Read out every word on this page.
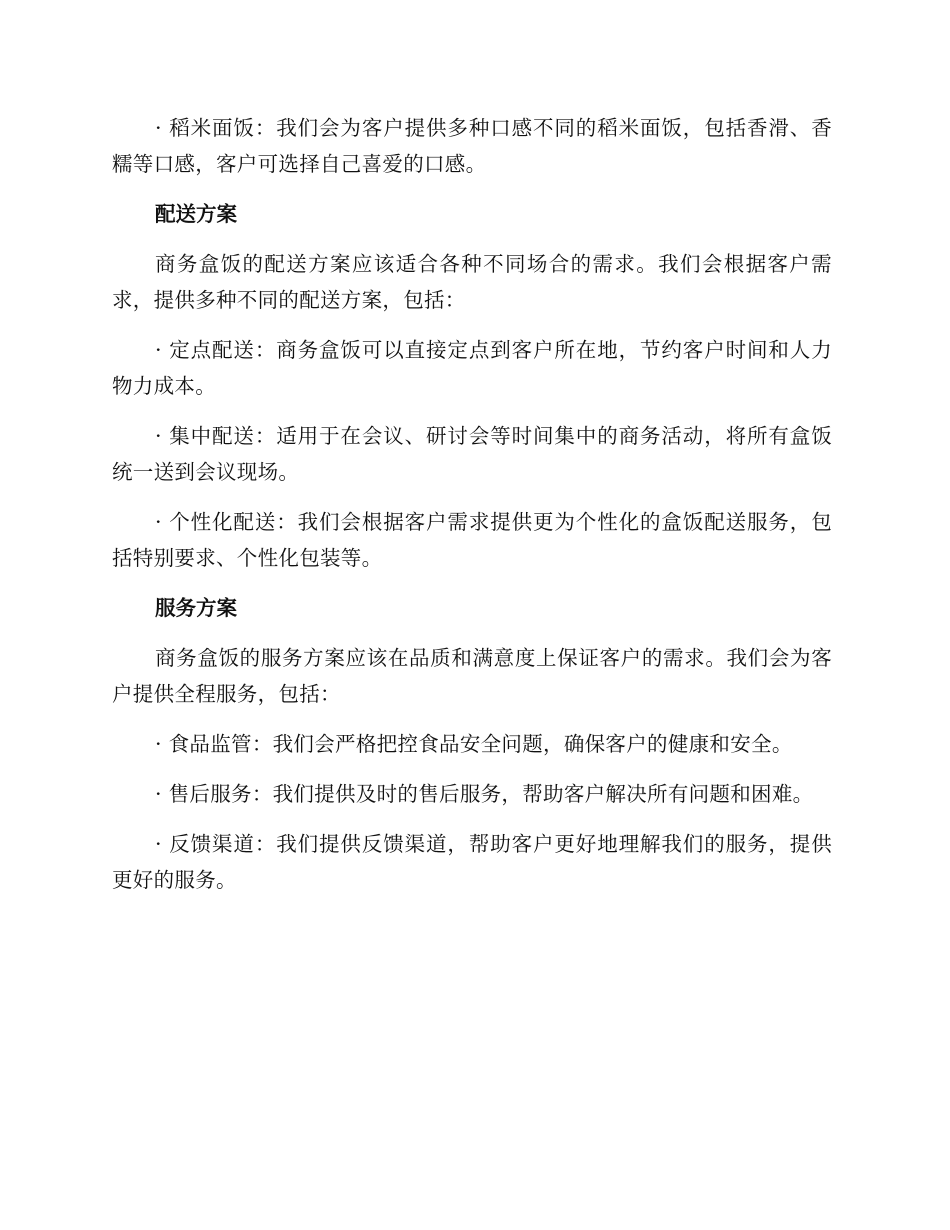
· 稻米面饭：我们会为客户提供多种口感不同的稻米面饭，包括香滑、香糯等口感，客户可选择自己喜爱的口感。

配送方案

商务盒饭的配送方案应该适合各种不同场合的需求。我们会根据客户需求，提供多种不同的配送方案，包括：

· 定点配送：商务盒饭可以直接定点到客户所在地，节约客户时间和人力物力成本。

· 集中配送：适用于在会议、研讨会等时间集中的商务活动，将所有盒饭统一送到会议现场。

· 个性化配送：我们会根据客户需求提供更为个性化的盒饭配送服务，包括特别要求、个性化包装等。

服务方案

商务盒饭的服务方案应该在品质和满意度上保证客户的需求。我们会为客户提供全程服务，包括：

· 食品监管：我们会严格把控食品安全问题，确保客户的健康和安全。

· 售后服务：我们提供及时的售后服务，帮助客户解决所有问题和困难。

· 反馈渠道：我们提供反馈渠道，帮助客户更好地理解我们的服务，提供更好的服务。
